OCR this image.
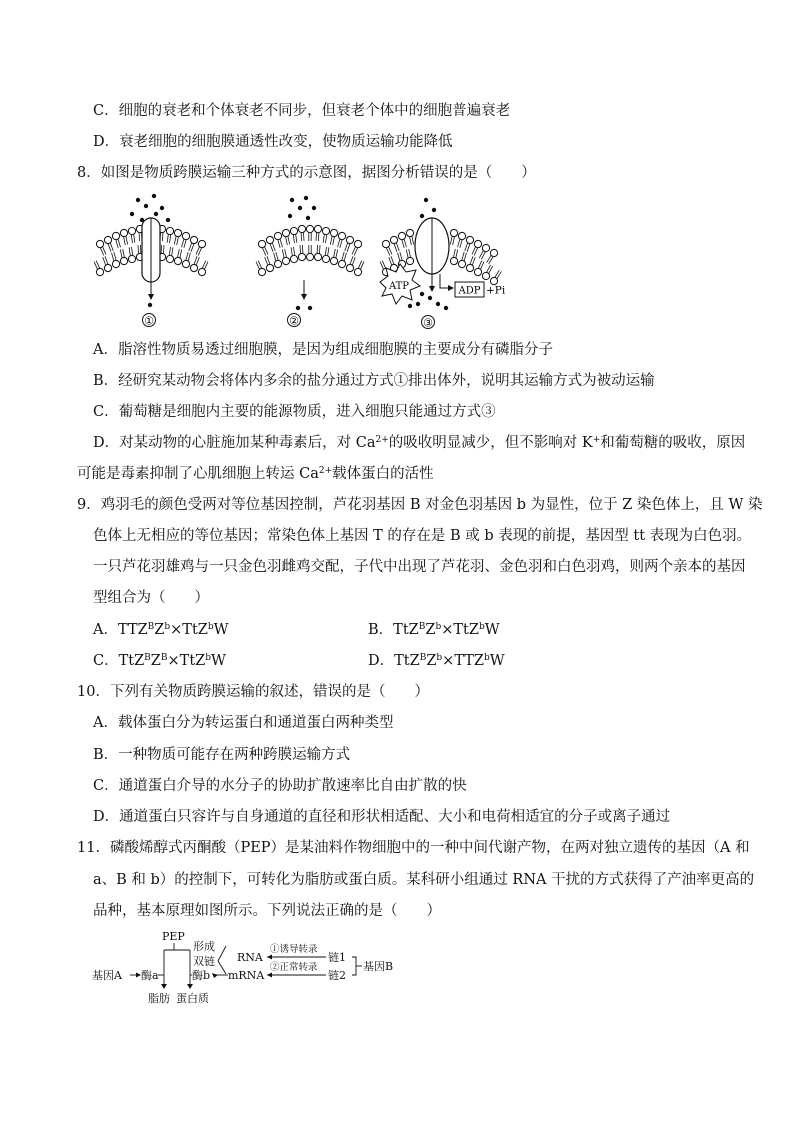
C．细胞的衰老和个体衰老不同步，但衰老个体中的细胞普遍衰老
D．衰老细胞的细胞膜通透性改变，使物质运输功能降低
8．如图是物质跨膜运输三种方式的示意图，据图分析错误的是（　　）
①	②
ATP	ADP +Pi
③
A．脂溶性物质易透过细胞膜，是因为组成细胞膜的主要成分有磷脂分子
B．经研究某动物会将体内多余的盐分通过方式①排出体外，说明其运输方式为被动运输
C．葡萄糖是细胞内主要的能源物质，进入细胞只能通过方式③
D．对某动物的心脏施加某种毒素后，对 $Ca^{2+}$的吸收明显减少，但不影响对 K+和葡萄糖的吸收，原因
可能是毒素抑制了心肌细胞上转运 $Ca^{2+}$载体蛋白的活性
9．鸡羽毛的颜色受两对等位基因控制，芦花羽基因 B 对金色羽基因 b 为显性，位于 Z 染色体上，且 W 染
色体上无相应的等位基因；常染色体上基因 T 的存在是 B 或 b 表现的前提，基因型 tt 表现为白色羽。
一只芦花羽雄鸡与一只金色羽雌鸡交配，子代中出现了芦花羽、金色羽和白色羽鸡，则两个亲本的基因
型组合为（　　）
A．$TTZ^BZ^b\times TtZ^bW$	B．$TtZ^BZ^b\times TtZ^bW$
C．$TtZ^BZ^B\times TtZ^bW$	D．$TtZ^BZ^b\times TTZ^bW$
10．下列有关物质跨膜运输的叙述，错误的是（　　）
A．载体蛋白分为转运蛋白和通道蛋白两种类型
B．一种物质可能存在两种跨膜运输方式
C．通道蛋白介导的水分子的协助扩散速率比自由扩散的快
D．通道蛋白只容许与自身通道的直径和形状相适配、大小和电荷相适宜的分子或离子通过
11．磷酸烯醇式丙酮酸（PEP）是某油料作物细胞中的一种中间代谢产物，在两对独立遗传的基因（A 和
a、B 和 b）的控制下，可转化为脂肪或蛋白质。某科研小组通过 RNA 干扰的方式获得了产油率更高的
品种，基本原理如图所示。下列说法正确的是（　　）
PEP
基因A 酶a	酶b
脂肪 蛋白质
形成
双链 RNA
mRNA
①诱导转录
②正常转录
链1
链2
基因B
